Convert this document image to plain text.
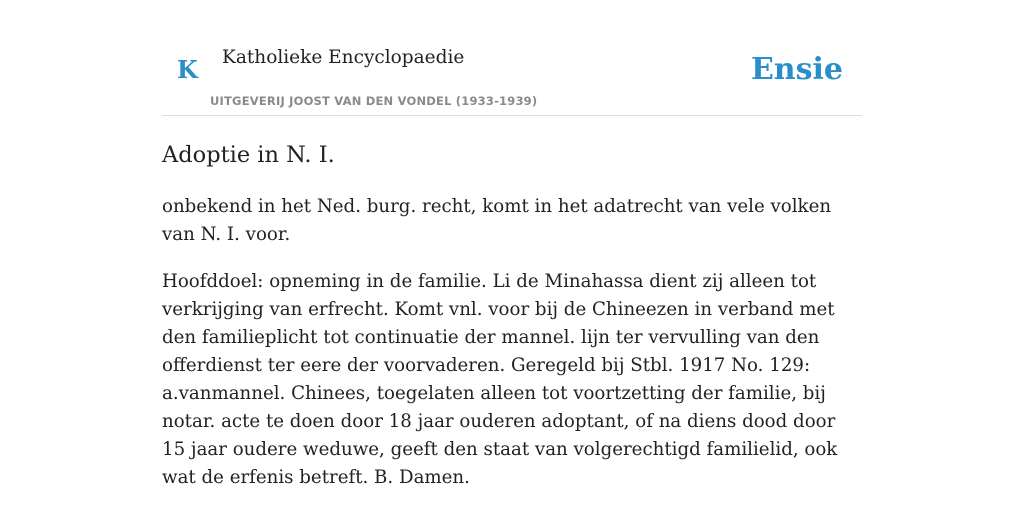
K Katholieke Encyclopaedie
UITGEVERIJ JOOST VAN DEN VONDEL (1933-1939)
Ensie
Adoptie in N. I.

onbekend in het Ned. burg. recht, komt in het adatrecht van vele volken van N. I. voor.

Hoofddoel: opneming in de familie. Li de Minahassa dient zij alleen tot verkrijging van erfrecht. Komt vnl. voor bij de Chineezen in verband met den familieplicht tot continuatie der mannel. lijn ter vervulling van den offerdienst ter eere der voorvaderen. Geregeld bij Stbl. 1917 No. 129: a.vanmannel. Chinees, toegelaten alleen tot voortzetting der familie, bij notar. acte te doen door 18 jaar ouderen adoptant, of na diens dood door 15 jaar oudere weduwe, geeft den staat van volgerechtigd familielid, ook wat de erfenis betreft. B. Damen.
